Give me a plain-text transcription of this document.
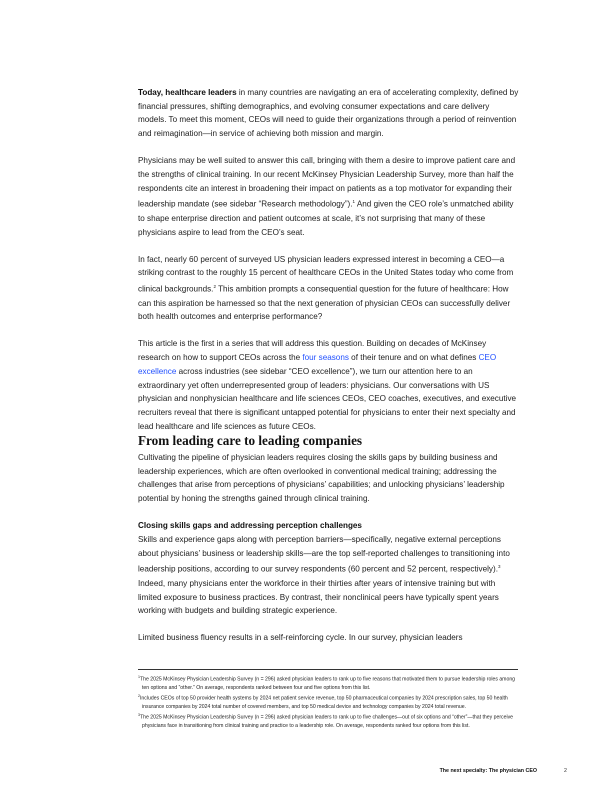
Today, healthcare leaders in many countries are navigating an era of accelerating complexity, defined by financial pressures, shifting demographics, and evolving consumer expectations and care delivery models. To meet this moment, CEOs will need to guide their organizations through a period of reinvention and reimagination—in service of achieving both mission and margin.

Physicians may be well suited to answer this call, bringing with them a desire to improve patient care and the strengths of clinical training. In our recent McKinsey Physician Leadership Survey, more than half the respondents cite an interest in broadening their impact on patients as a top motivator for expanding their leadership mandate (see sidebar “Research methodology”).$^1$ And given the CEO role’s unmatched ability to shape enterprise direction and patient outcomes at scale, it’s not surprising that many of these physicians aspire to lead from the CEO’s seat.

In fact, nearly 60 percent of surveyed US physician leaders expressed interest in becoming a CEO—a striking contrast to the roughly 15 percent of healthcare CEOs in the United States today who come from clinical backgrounds.$^2$ This ambition prompts a consequential question for the future of healthcare: How can this aspiration be harnessed so that the next generation of physician CEOs can successfully deliver both health outcomes and enterprise performance?

This article is the first in a series that will address this question. Building on decades of McKinsey research on how to support CEOs across the four seasons of their tenure and on what defines CEO excellence across industries (see sidebar “CEO excellence”), we turn our attention here to an extraordinary yet often underrepresented group of leaders: physicians. Our conversations with US physician and nonphysician healthcare and life sciences CEOs, CEO coaches, executives, and executive recruiters reveal that there is significant untapped potential for physicians to enter their next specialty and lead healthcare and life sciences as future CEOs.

From leading care to leading companies

Cultivating the pipeline of physician leaders requires closing the skills gaps by building business and leadership experiences, which are often overlooked in conventional medical training; addressing the challenges that arise from perceptions of physicians’ capabilities; and unlocking physicians’ leadership potential by honing the strengths gained through clinical training.

Closing skills gaps and addressing perception challenges

Skills and experience gaps along with perception barriers—specifically, negative external perceptions about physicians’ business or leadership skills—are the top self-reported challenges to transitioning into leadership positions, according to our survey respondents (60 percent and 52 percent, respectively).$^3$ Indeed, many physicians enter the workforce in their thirties after years of intensive training but with limited exposure to business practices. By contrast, their nonclinical peers have typically spent years working with budgets and building strategic experience.

Limited business fluency results in a self-reinforcing cycle. In our survey, physician leaders

$^1$The 2025 McKinsey Physician Leadership Survey (n = 296) asked physician leaders to rank up to five reasons that motivated them to pursue leadership roles among ten options and “other.” On average, respondents ranked between four and five options from this list.

$^2$Includes CEOs of top 50 provider health systems by 2024 net patient service revenue, top 50 pharmaceutical companies by 2024 prescription sales, top 50 health insurance companies by 2024 total number of covered members, and top 50 medical device and technology companies by 2024 total revenue.

$^3$The 2025 McKinsey Physician Leadership Survey (n = 296) asked physician leaders to rank up to five challenges—out of six options and “other”—that they perceive physicians face in transitioning from clinical training and practice to a leadership role. On average, respondents ranked four options from this list.

The next specialty: The physician CEO	2
